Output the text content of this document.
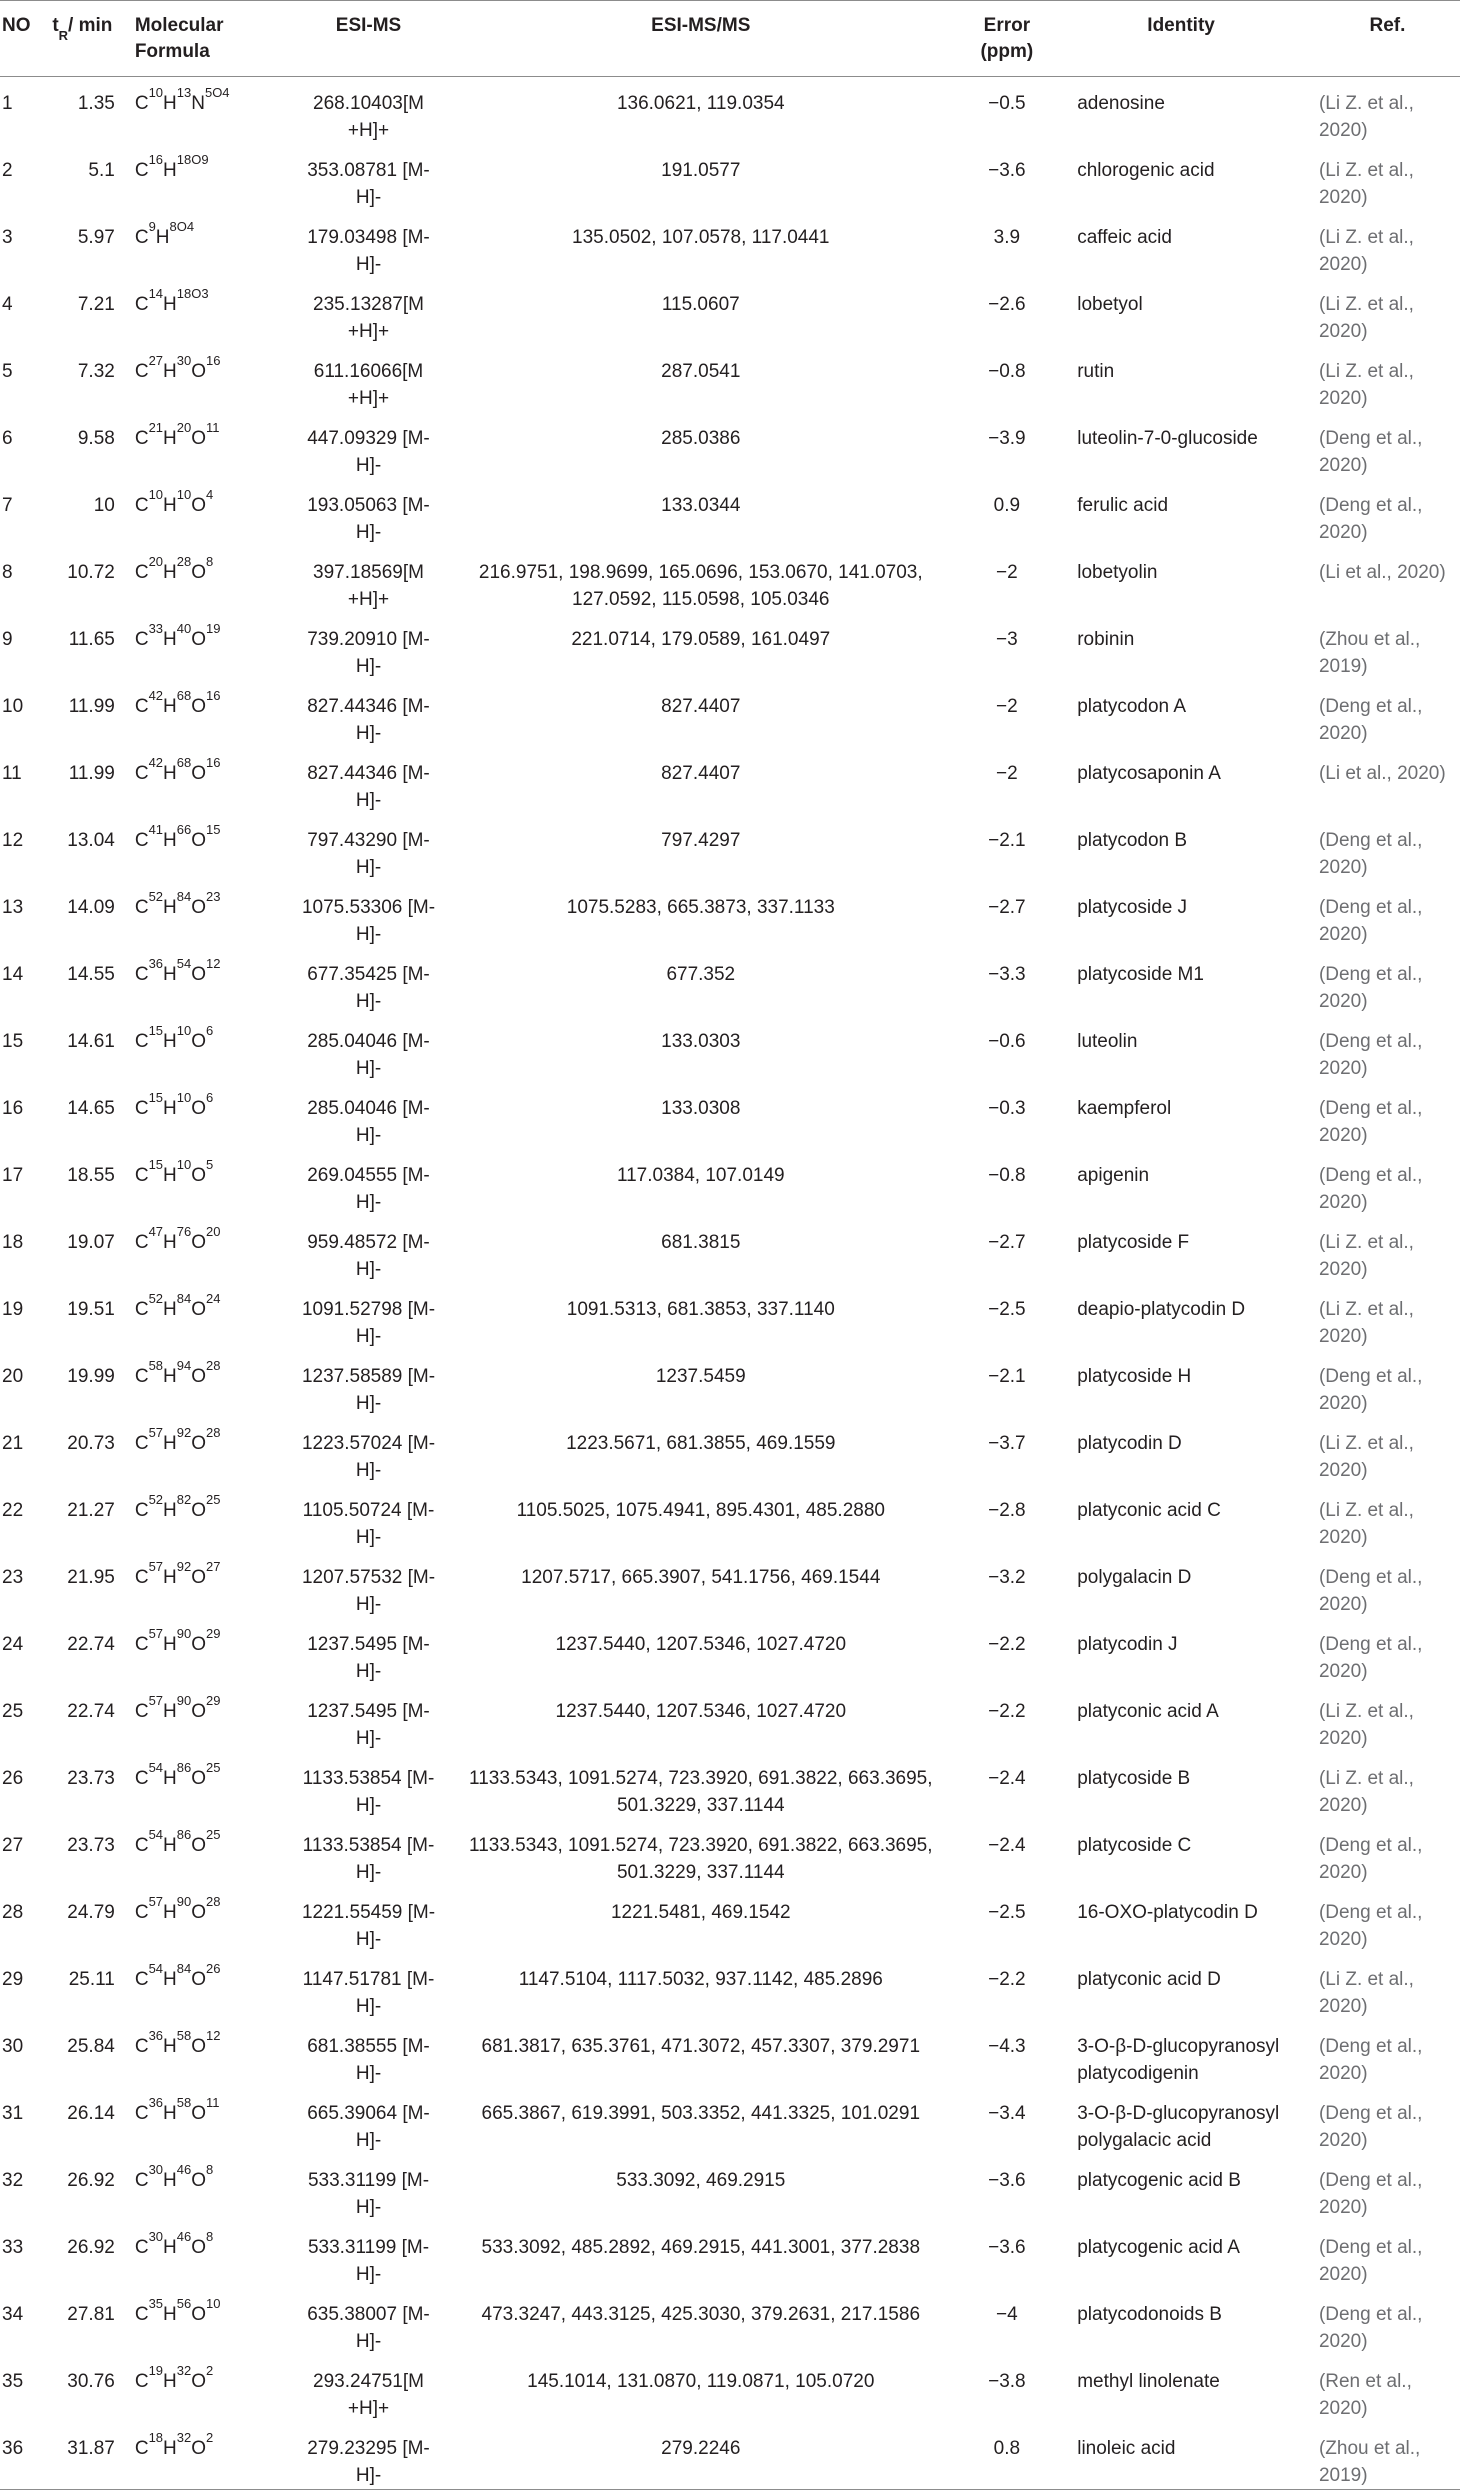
NO	$t_R/$ min	Molecular Formula	ESI-MS	ESI-MS/MS	Error (ppm)	Identity	Ref.
1	1.35	$C^{10}H^{13}N^{5O4}$	268.10403[M +H]+	136.0621, 119.0354	−0.5	adenosine	(Li Z. et al., 2020)
2	5.1	$C^{16}H^{18O9}$	353.08781 [M-H]-	191.0577	−3.6	chlorogenic acid	(Li Z. et al., 2020)
3	5.97	$C^9H^{8O4}$	179.03498 [M-H]-	135.0502, 107.0578, 117.0441	3.9	caffeic acid	(Li Z. et al., 2020)
4	7.21	$C^{14}H^{18O3}$	235.13287[M +H]+	115.0607	−2.6	lobetyol	(Li Z. et al., 2020)
5	7.32	$C^{27}H^{30}O^{16}$	611.16066[M +H]+	287.0541	−0.8	rutin	(Li Z. et al., 2020)
6	9.58	$C^{21}H^{20}O^{11}$	447.09329 [M-H]-	285.0386	−3.9	luteolin-7-0-glucoside	(Deng et al., 2020)
7	10	$C^{10}H^{10}O^4$	193.05063 [M-H]-	133.0344	0.9	ferulic acid	(Deng et al., 2020)
8	10.72	$C^{20}H^{28}O^8$	397.18569[M +H]+	216.9751, 198.9699, 165.0696, 153.0670, 141.0703, 127.0592, 115.0598, 105.0346	−2	lobetyolin	(Li et al., 2020)
9	11.65	$C^{33}H^{40}O^{19}$	739.20910 [M-H]-	221.0714, 179.0589, 161.0497	−3	robinin	(Zhou et al., 2019)
10	11.99	$C^{42}H^{68}O^{16}$	827.44346 [M-H]-	827.4407	−2	platycodon A	(Deng et al., 2020)
11	11.99	$C^{42}H^{68}O^{16}$	827.44346 [M-H]-	827.4407	−2	platycosaponin A	(Li et al., 2020)
12	13.04	$C^{41}H^{66}O^{15}$	797.43290 [M-H]-	797.4297	−2.1	platycodon B	(Deng et al., 2020)
13	14.09	$C^{52}H^{84}O^{23}$	1075.53306 [M-H]-	1075.5283, 665.3873, 337.1133	−2.7	platycoside J	(Deng et al., 2020)
14	14.55	$C^{36}H^{54}O^{12}$	677.35425 [M-H]-	677.352	−3.3	platycoside M1	(Deng et al., 2020)
15	14.61	$C^{15}H^{10}O^6$	285.04046 [M-H]-	133.0303	−0.6	luteolin	(Deng et al., 2020)
16	14.65	$C^{15}H^{10}O^6$	285.04046 [M-H]-	133.0308	−0.3	kaempferol	(Deng et al., 2020)
17	18.55	$C^{15}H^{10}O^5$	269.04555 [M-H]-	117.0384, 107.0149	−0.8	apigenin	(Deng et al., 2020)
18	19.07	$C^{47}H^{76}O^{20}$	959.48572 [M-H]-	681.3815	−2.7	platycoside F	(Li Z. et al., 2020)
19	19.51	$C^{52}H^{84}O^{24}$	1091.52798 [M-H]-	1091.5313, 681.3853, 337.1140	−2.5	deapio-platycodin D	(Li Z. et al., 2020)
20	19.99	$C^{58}H^{94}O^{28}$	1237.58589 [M-H]-	1237.5459	−2.1	platycoside H	(Deng et al., 2020)
21	20.73	$C^{57}H^{92}O^{28}$	1223.57024 [M-H]-	1223.5671, 681.3855, 469.1559	−3.7	platycodin D	(Li Z. et al., 2020)
22	21.27	$C^{52}H^{82}O^{25}$	1105.50724 [M-H]-	1105.5025, 1075.4941, 895.4301, 485.2880	−2.8	platyconic acid C	(Li Z. et al., 2020)
23	21.95	$C^{57}H^{92}O^{27}$	1207.57532 [M-H]-	1207.5717, 665.3907, 541.1756, 469.1544	−3.2	polygalacin D	(Deng et al., 2020)
24	22.74	$C^{57}H^{90}O^{29}$	1237.5495 [M-H]-	1237.5440, 1207.5346, 1027.4720	−2.2	platycodin J	(Deng et al., 2020)
25	22.74	$C^{57}H^{90}O^{29}$	1237.5495 [M-H]-	1237.5440, 1207.5346, 1027.4720	−2.2	platyconic acid A	(Li Z. et al., 2020)
26	23.73	$C^{54}H^{86}O^{25}$	1133.53854 [M-H]-	1133.5343, 1091.5274, 723.3920, 691.3822, 663.3695, 501.3229, 337.1144	−2.4	platycoside B	(Li Z. et al., 2020)
27	23.73	$C^{54}H^{86}O^{25}$	1133.53854 [M-H]-	1133.5343, 1091.5274, 723.3920, 691.3822, 663.3695, 501.3229, 337.1144	−2.4	platycoside C	(Deng et al., 2020)
28	24.79	$C^{57}H^{90}O^{28}$	1221.55459 [M-H]-	1221.5481, 469.1542	−2.5	16-OXO-platycodin D	(Deng et al., 2020)
29	25.11	$C^{54}H^{84}O^{26}$	1147.51781 [M-H]-	1147.5104, 1117.5032, 937.1142, 485.2896	−2.2	platyconic acid D	(Li Z. et al., 2020)
30	25.84	$C^{36}H^{58}O^{12}$	681.38555 [M-H]-	681.3817, 635.3761, 471.3072, 457.3307, 379.2971	−4.3	3-O-β-D-glucopyranosyl platycodigenin	(Deng et al., 2020)
31	26.14	$C^{36}H^{58}O^{11}$	665.39064 [M-H]-	665.3867, 619.3991, 503.3352, 441.3325, 101.0291	−3.4	3-O-β-D-glucopyranosyl polygalacic acid	(Deng et al., 2020)
32	26.92	$C^{30}H^{46}O^8$	533.31199 [M-H]-	533.3092, 469.2915	−3.6	platycogenic acid B	(Deng et al., 2020)
33	26.92	$C^{30}H^{46}O^8$	533.31199 [M-H]-	533.3092, 485.2892, 469.2915, 441.3001, 377.2838	−3.6	platycogenic acid A	(Deng et al., 2020)
34	27.81	$C^{35}H^{56}O^{10}$	635.38007 [M-H]-	473.3247, 443.3125, 425.3030, 379.2631, 217.1586	−4	platycodonoids B	(Deng et al., 2020)
35	30.76	$C^{19}H^{32}O^2$	293.24751[M +H]+	145.1014, 131.0870, 119.0871, 105.0720	−3.8	methyl linolenate	(Ren et al., 2020)
36	31.87	$C^{18}H^{32}O^2$	279.23295 [M-H]-	279.2246	0.8	linoleic acid	(Zhou et al., 2019)
